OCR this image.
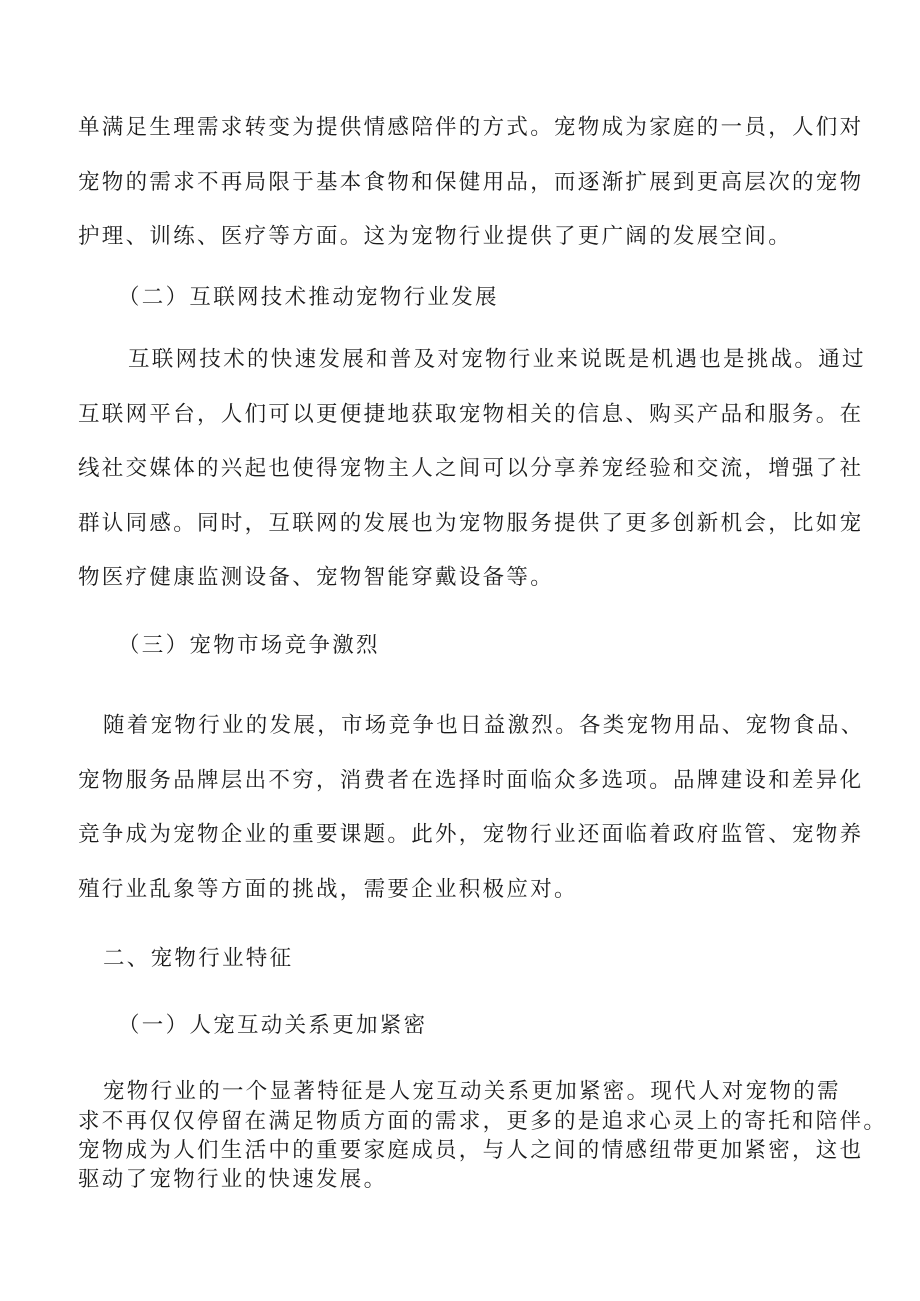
单满足生理需求转变为提供情感陪伴的方式。宠物成为家庭的一员，人们对
宠物的需求不再局限于基本食物和保健用品，而逐渐扩展到更高层次的宠物
护理、训练、医疗等方面。这为宠物行业提供了更广阔的发展空间。
（二）互联网技术推动宠物行业发展
互联网技术的快速发展和普及对宠物行业来说既是机遇也是挑战。通过
互联网平台，人们可以更便捷地获取宠物相关的信息、购买产品和服务。在
线社交媒体的兴起也使得宠物主人之间可以分享养宠经验和交流，增强了社
群认同感。同时，互联网的发展也为宠物服务提供了更多创新机会，比如宠
物医疗健康监测设备、宠物智能穿戴设备等。
（三）宠物市场竞争激烈
随着宠物行业的发展，市场竞争也日益激烈。各类宠物用品、宠物食品、
宠物服务品牌层出不穷，消费者在选择时面临众多选项。品牌建设和差异化
竞争成为宠物企业的重要课题。此外，宠物行业还面临着政府监管、宠物养
殖行业乱象等方面的挑战，需要企业积极应对。
二、宠物行业特征
（一）人宠互动关系更加紧密
宠物行业的一个显著特征是人宠互动关系更加紧密。现代人对宠物的需
求不再仅仅停留在满足物质方面的需求，更多的是追求心灵上的寄托和陪伴。
宠物成为人们生活中的重要家庭成员，与人之间的情感纽带更加紧密，这也
驱动了宠物行业的快速发展。
